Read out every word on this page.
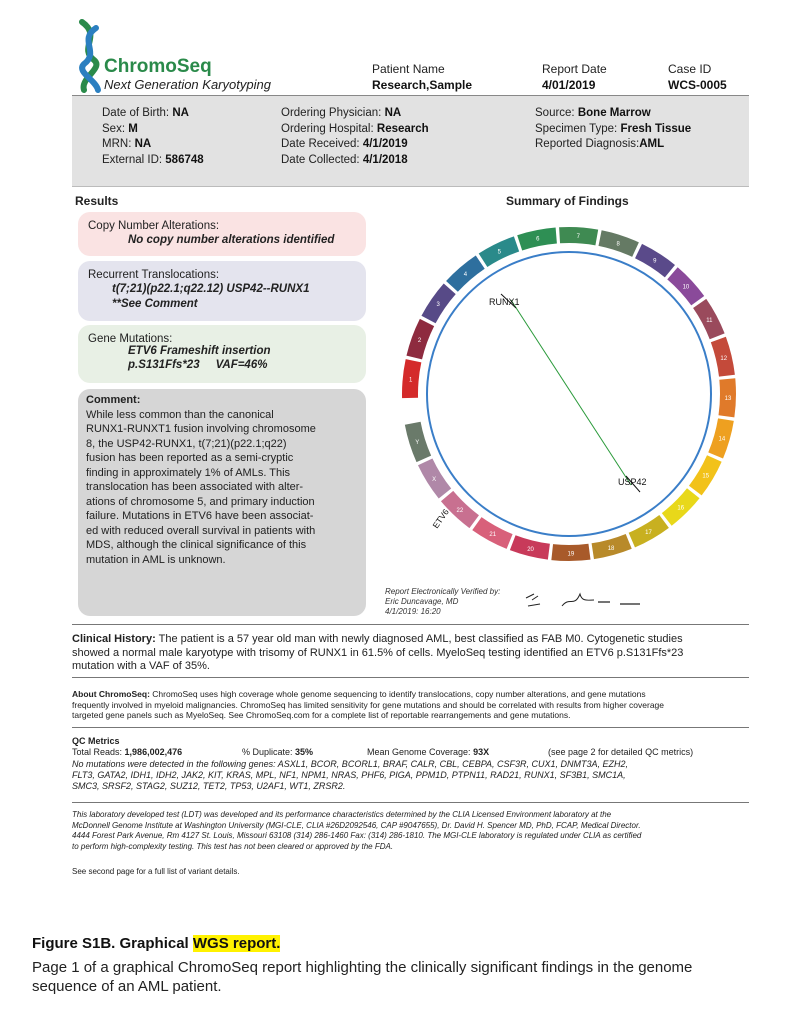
ChromoSeq
Next Generation Karyotyping
Patient Name
Research,Sample
Report Date
4/01/2019
Case ID
WCS-0005
Date of Birth: NA
Sex: M
MRN: NA
External ID: 586748
Ordering Physician: NA
Ordering Hospital: Research
Date Received: 4/1/2019
Date Collected: 4/1/2018
Source: Bone Marrow
Specimen Type: Fresh Tissue
Reported Diagnosis:AML
Results
Copy Number Alterations:
No copy number alterations identified
Recurrent Translocations:
t(7;21)(p22.1;q22.12) USP42--RUNX1
**See Comment
Gene Mutations:
ETV6 Frameshift insertion
p.S131Ffs*23     VAF=46%
Comment:
While less common than the canonical
RUNX1-RUNXT1 fusion involving chromosome
8, the USP42-RUNX1, t(7;21)(p22.1;q22)
fusion has been reported as a semi-cryptic
finding in approximately 1% of AMLs. This
translocation has been associated with alter-
ations of chromosome 5, and primary induction
failure. Mutations in ETV6 have been associat-
ed with reduced overall survival in patients with
MDS, although the clinical significance of this
mutation in AML is unknown.
Summary of Findings
1
2
3
4
5
6	7
8
9
10
11
12
13
14
15
16
17
18
19
20
21
22
X
Y
RUNX1
USP42
ETV6
Report Electronically Verified by:
Eric Duncavage, MD
4/1/2019: 16:20
Clinical History: The patient is a 57 year old man with newly diagnosed AML, best classified as FAB M0. Cytogenetic studies
showed a normal male karyotype with trisomy of RUNX1 in 61.5% of cells. MyeloSeq testing identified an ETV6 p.S131Ffs*23
mutation with a VAF of 35%.
About ChromoSeq: ChromoSeq uses high coverage whole genome sequencing to identify translocations, copy number alterations, and gene mutations
frequently involved in myeloid malignancies. ChromoSeq has limited sensitivity for gene mutations and should be correlated with results from higher coverage
targeted gene panels such as MyeloSeq. See ChromoSeq.com for a complete list of reportable rearrangements and gene mutations.
QC Metrics
Total Reads: 1,986,002,476	% Duplicate: 35%	Mean Genome Coverage: 93X	(see page 2 for detailed QC metrics)
No mutations were detected in the following genes: ASXL1, BCOR, BCORL1, BRAF, CALR, CBL, CEBPA, CSF3R, CUX1, DNMT3A, EZH2,
FLT3, GATA2, IDH1, IDH2, JAK2, KIT, KRAS, MPL, NF1, NPM1, NRAS, PHF6, PIGA, PPM1D, PTPN11, RAD21, RUNX1, SF3B1, SMC1A,
SMC3, SRSF2, STAG2, SUZ12, TET2, TP53, U2AF1, WT1, ZRSR2.
This laboratory developed test (LDT) was developed and its performance characteristics determined by the CLIA Licensed Environment laboratory at the
McDonnell Genome Institute at Washington University (MGI-CLE, CLIA #26D2092546, CAP #9047655), Dr. David H. Spencer MD, PhD, FCAP, Medical Director.
4444 Forest Park Avenue, Rm 4127 St. Louis, Missouri 63108 (314) 286-1460 Fax: (314) 286-1810. The MGI-CLE laboratory is regulated under CLIA as certified
to perform high-complexity testing. This test has not been cleared or approved by the FDA.
See second page for a full list of variant details.
Figure S1B. Graphical WGS report.
Page 1 of a graphical ChromoSeq report highlighting the clinically significant findings in the genome sequence of an AML patient.
